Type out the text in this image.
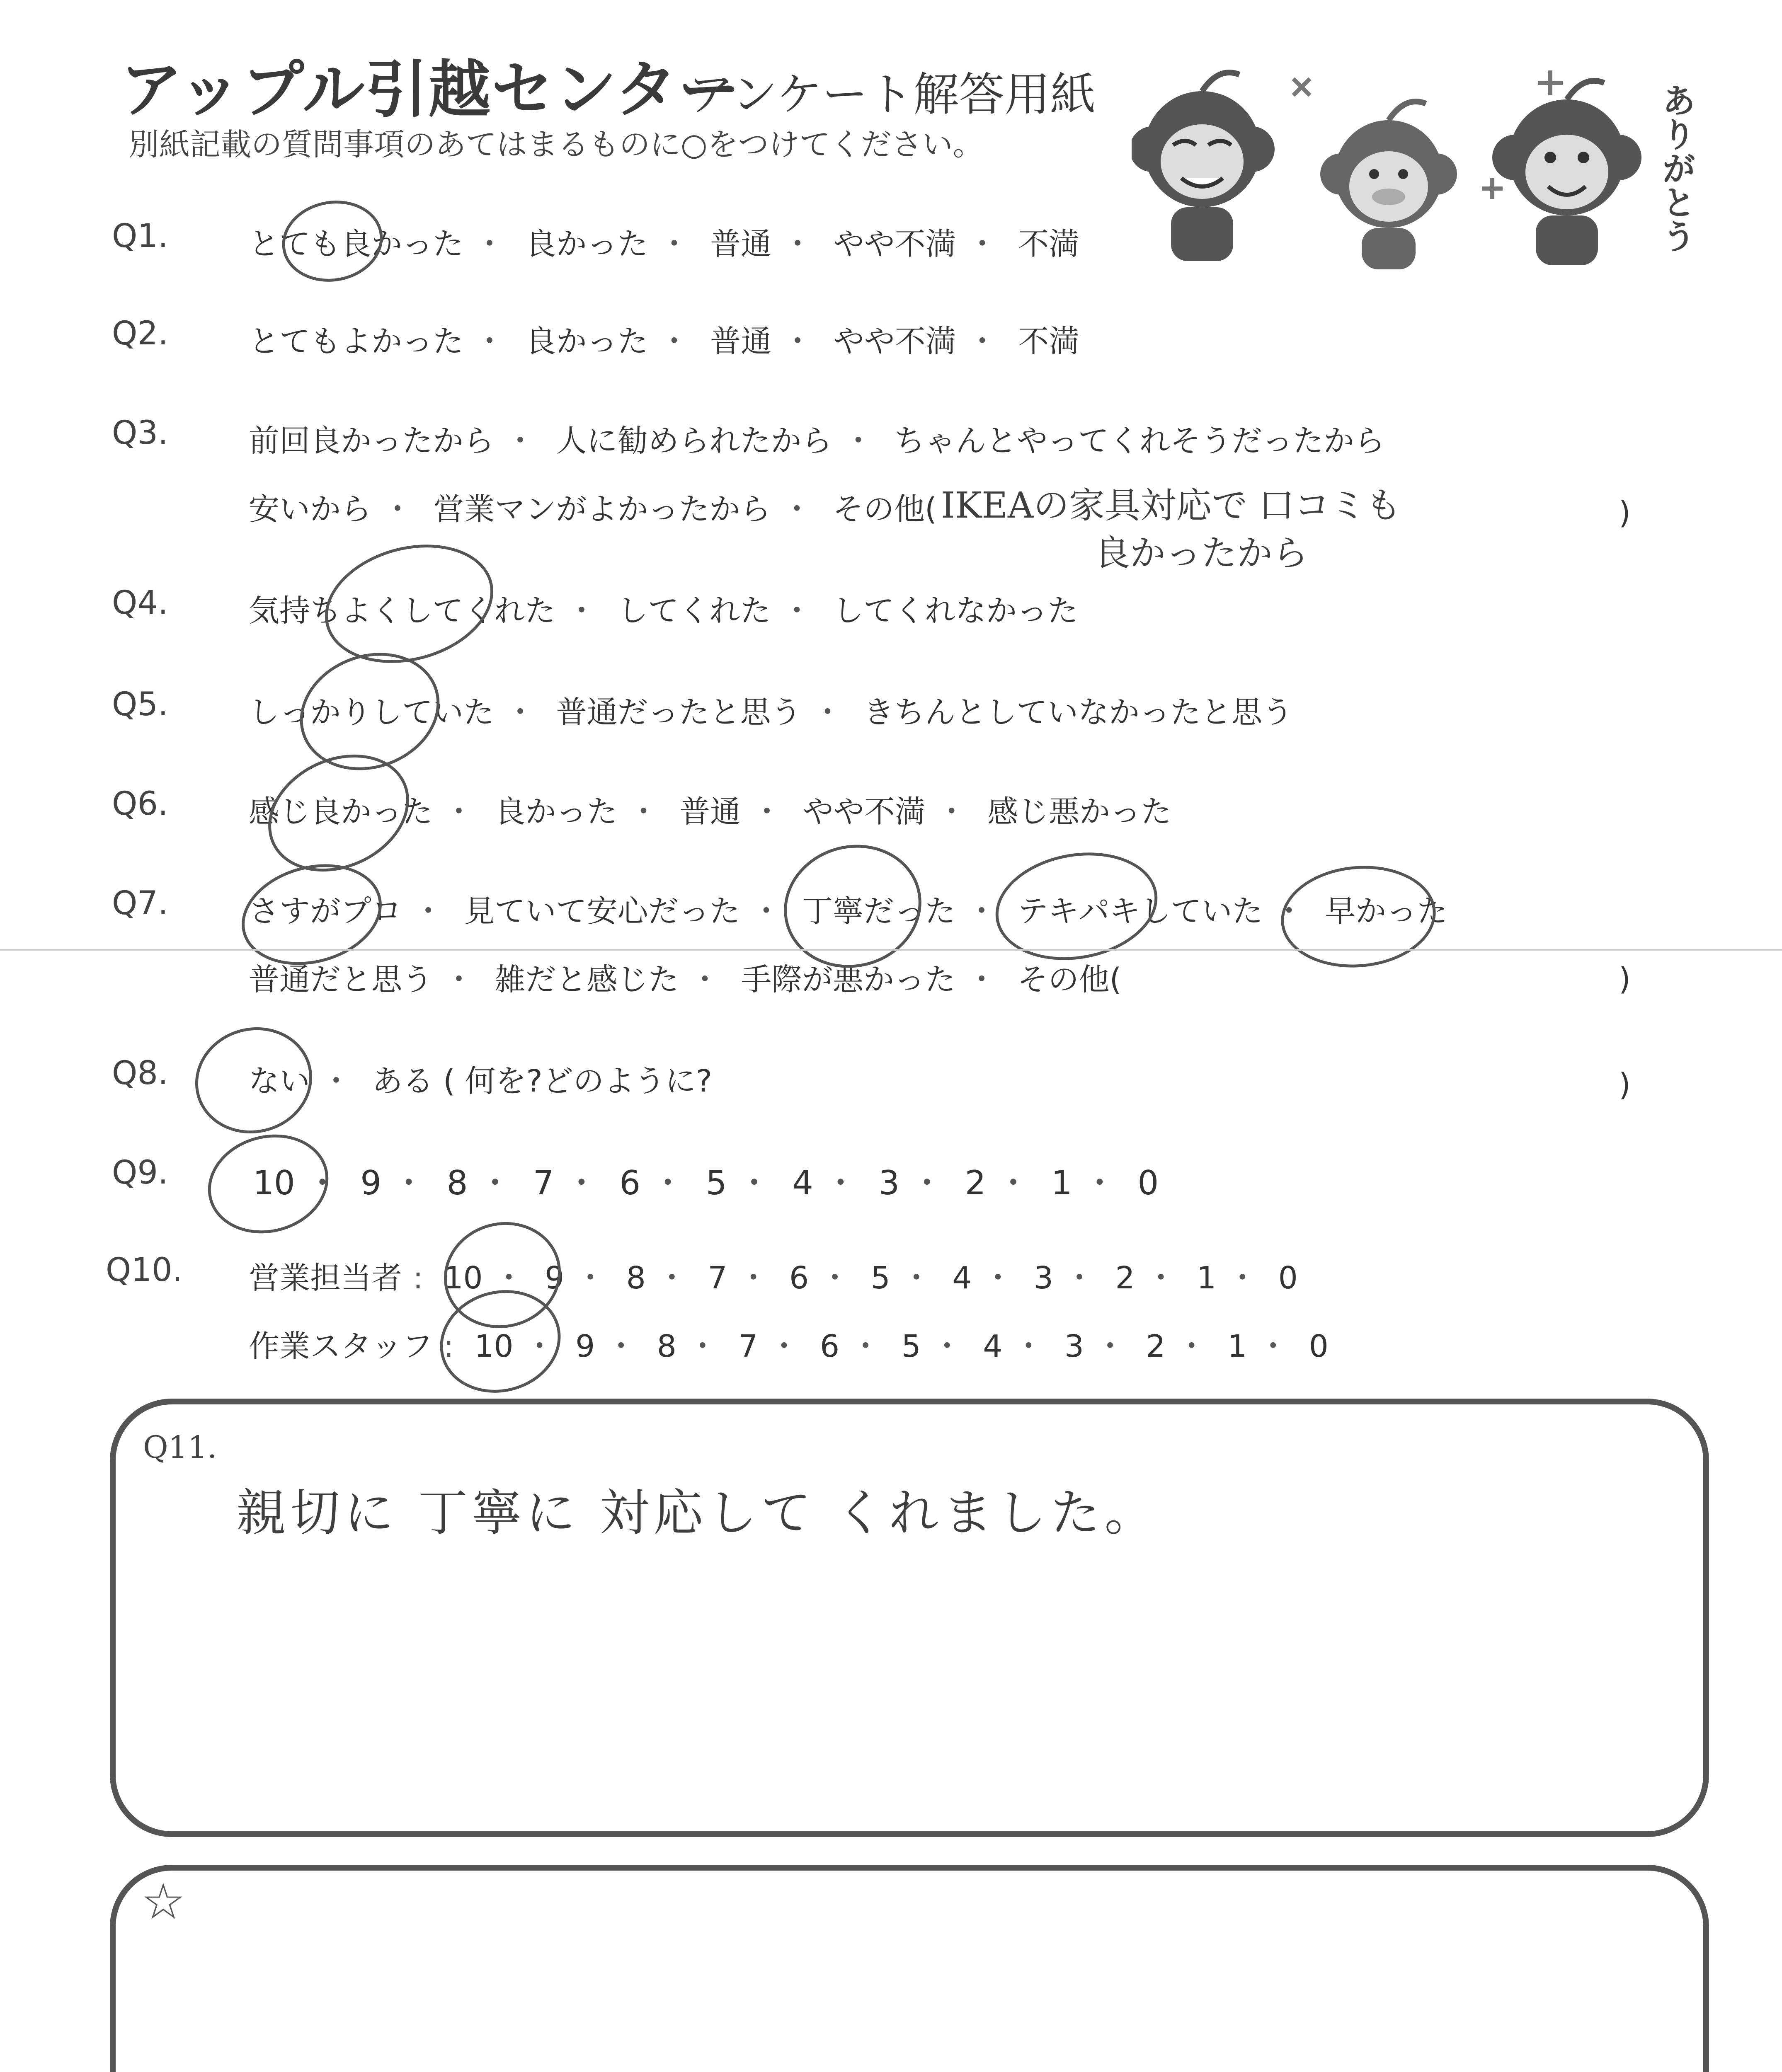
アップル引越センター
アンケート解答用紙
別紙記載の質問事項のあてはまるものに○をつけてください。	ありがとう
Q1.	とても良かった ・ 良かった ・ 普通 ・ やや不満 ・ 不満
Q2.	とてもよかった ・ 良かった ・ 普通 ・ やや不満 ・ 不満
Q3.	前回良かったから ・ 人に勧められたから ・ ちゃんとやってくれそうだったから
安いから ・ 営業マンがよかったから ・ その他(	)
IKEAの家具対応で 口コミも
良かったから
Q4.	気持ちよくしてくれた ・ してくれた ・ してくれなかった
Q5.	しっかりしていた ・ 普通だったと思う ・ きちんとしていなかったと思う
Q6.	感じ良かった ・ 良かった ・ 普通 ・ やや不満 ・ 感じ悪かった
Q7.	さすがプロ ・ 見ていて安心だった ・ 丁寧だった ・ テキパキしていた ・ 早かった
普通だと思う ・ 雑だと感じた ・ 手際が悪かった ・ その他(	)
Q8.	ない ・ ある ( 何を?どのように?	)
Q9.	10 ・ 9 ・ 8 ・ 7 ・ 6 ・ 5 ・ 4 ・ 3 ・ 2 ・ 1 ・ 0
Q10. 営業担当者 : 10 ・ 9 ・ 8 ・ 7 ・ 6 ・ 5 ・ 4 ・ 3 ・ 2 ・ 1 ・ 0
作業スタッフ : 10 ・ 9 ・ 8 ・ 7 ・ 6 ・ 5 ・ 4 ・ 3 ・ 2 ・ 1 ・ 0
Q11.
親切に 丁寧に 対応して くれました。
☆
